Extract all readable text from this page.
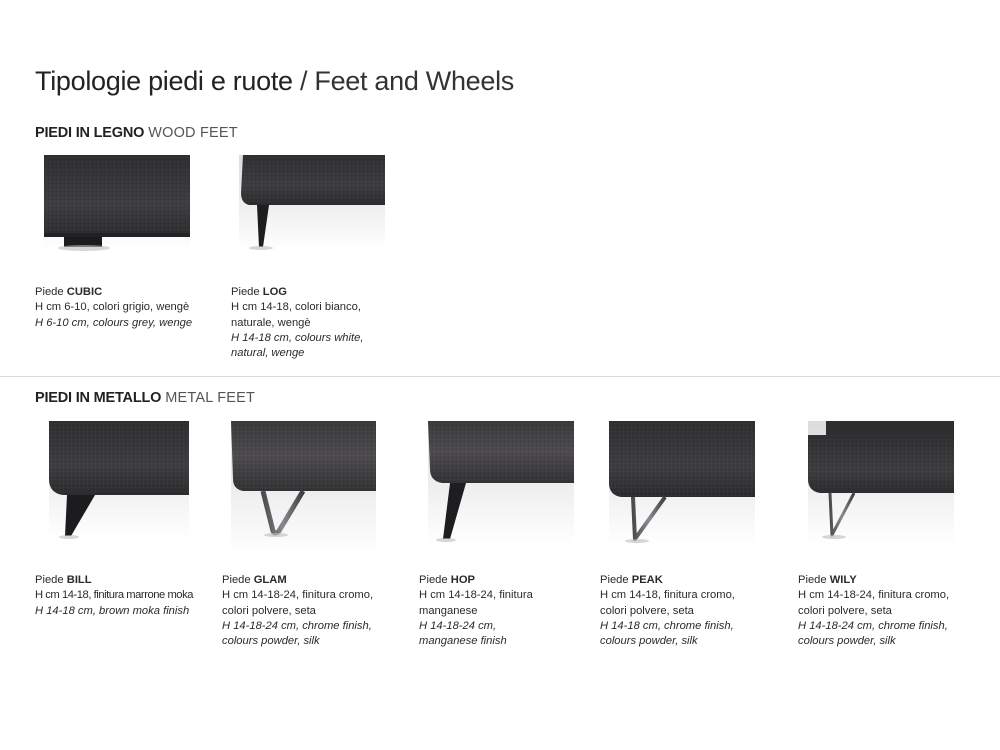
Tipologie piedi e ruote / Feet and Wheels
PIEDI IN LEGNO WOOD FEET
Piede CUBIC
H cm 6-10, colori grigio, wengè
H 6-10 cm, colours grey, wenge
Piede LOG
H cm 14-18, colori bianco,
naturale, wengè
H 14-18 cm, colours white,
natural, wenge
PIEDI IN METALLO METAL FEET
Piede BILL
H cm 14-18, finitura marrone moka
H 14-18 cm, brown moka finish
Piede GLAM
H cm 14-18-24, finitura cromo,
colori polvere, seta
H 14-18-24 cm, chrome finish,
colours powder, silk
Piede HOP
H cm 14-18-24, finitura
manganese
H 14-18-24 cm,
manganese finish
Piede PEAK
H cm 14-18, finitura cromo,
colori polvere, seta
H 14-18 cm, chrome finish,
colours powder, silk
Piede WILY
H cm 14-18-24, finitura cromo,
colori polvere, seta
H 14-18-24 cm, chrome finish,
colours powder, silk
